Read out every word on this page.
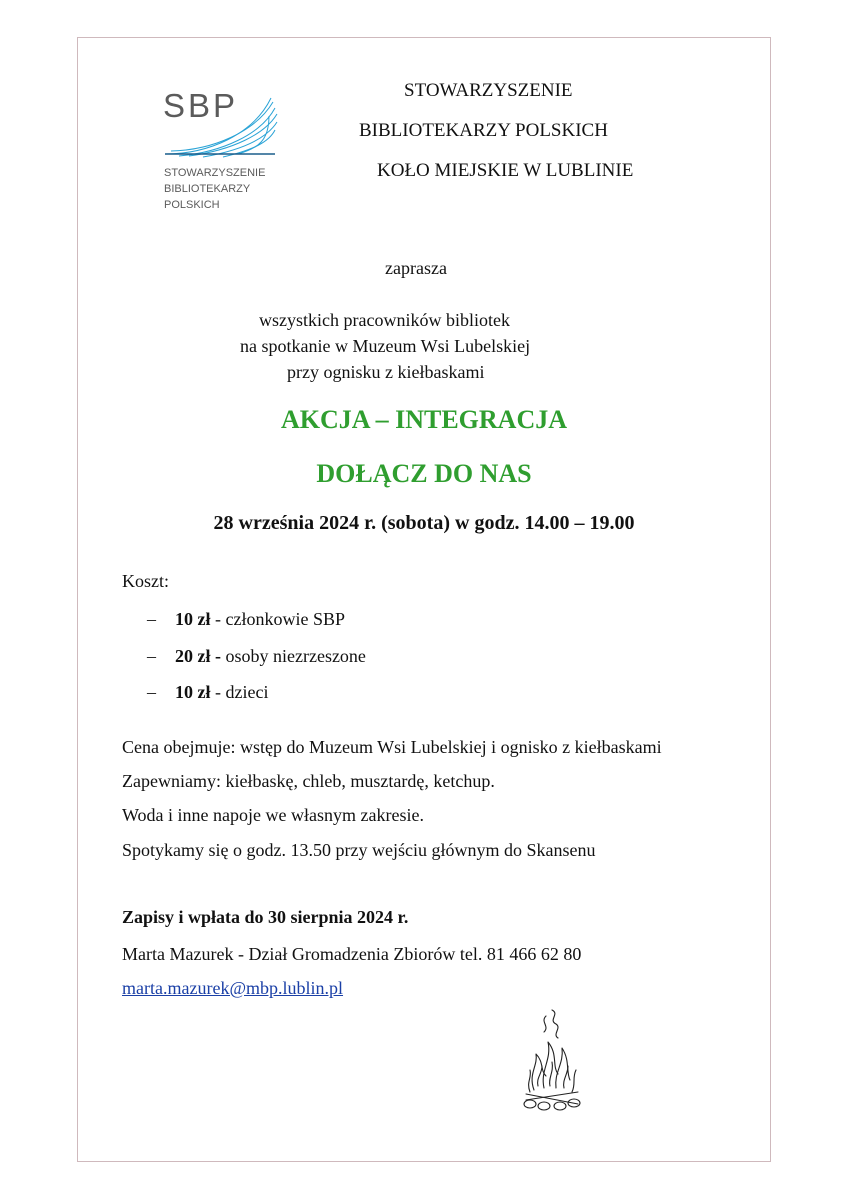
SBP
STOWARZYSZENIE
BIBLIOTEKARZY
POLSKICH
STOWARZYSZENIE
BIBLIOTEKARZY POLSKICH
KOŁO MIEJSKIE W LUBLINIE
zaprasza
wszystkich pracowników bibliotek
na spotkanie w Muzeum Wsi Lubelskiej
przy ognisku z kiełbaskami
AKCJA – INTEGRACJA
DOŁĄCZ DO NAS
28 września 2024 r. (sobota) w godz. 14.00 – 19.00
Koszt:
– 10 zł - członkowie SBP
– 20 zł - osoby niezrzeszone
– 10 zł - dzieci
Cena obejmuje: wstęp do Muzeum Wsi Lubelskiej i ognisko z kiełbaskami
Zapewniamy: kiełbaskę, chleb, musztardę, ketchup.
Woda i inne napoje we własnym zakresie.
Spotykamy się o godz. 13.50 przy wejściu głównym do Skansenu
Zapisy i wpłata do 30 sierpnia 2024 r.
Marta Mazurek - Dział Gromadzenia Zbiorów tel. 81 466 62 80
marta.mazurek@mbp.lublin.pl
